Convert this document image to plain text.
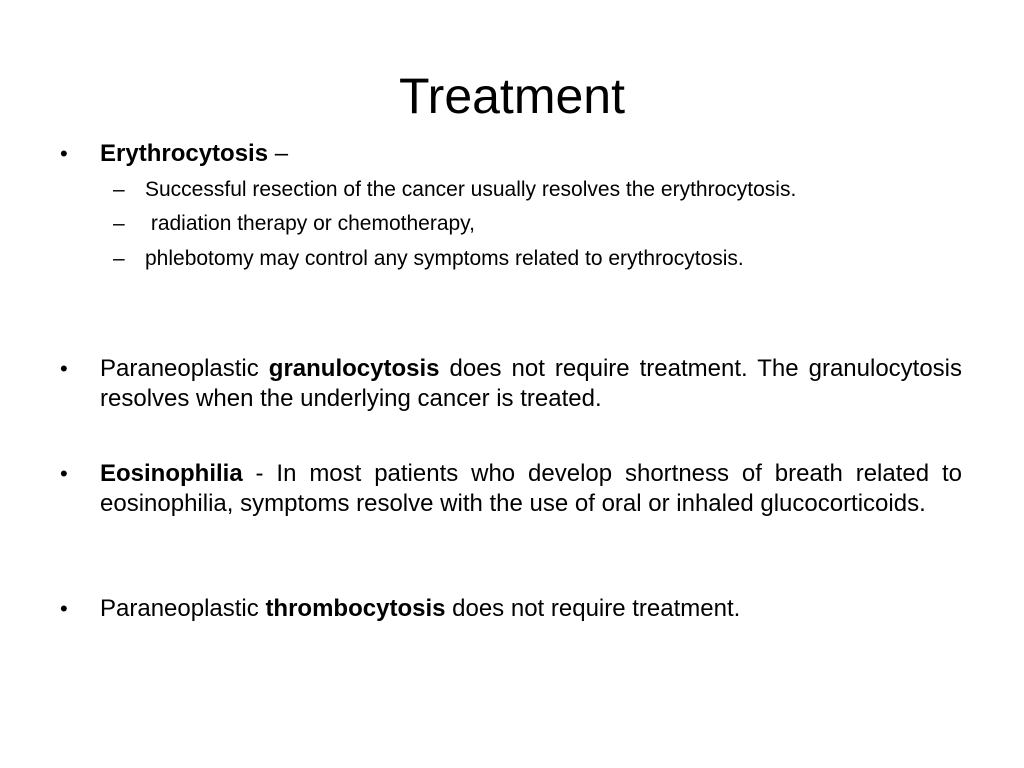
Treatment
•	Erythrocytosis –
– Successful resection of the cancer usually resolves the erythrocytosis.
– radiation therapy or chemotherapy,
– phlebotomy may control any symptoms related to erythrocytosis.
•	Paraneoplastic granulocytosis does not require treatment. The granulocytosis resolves when the underlying cancer is treated.
•	Eosinophilia - In most patients who develop shortness of breath related to eosinophilia, symptoms resolve with the use of oral or inhaled glucocorticoids.
•	Paraneoplastic thrombocytosis does not require treatment.
